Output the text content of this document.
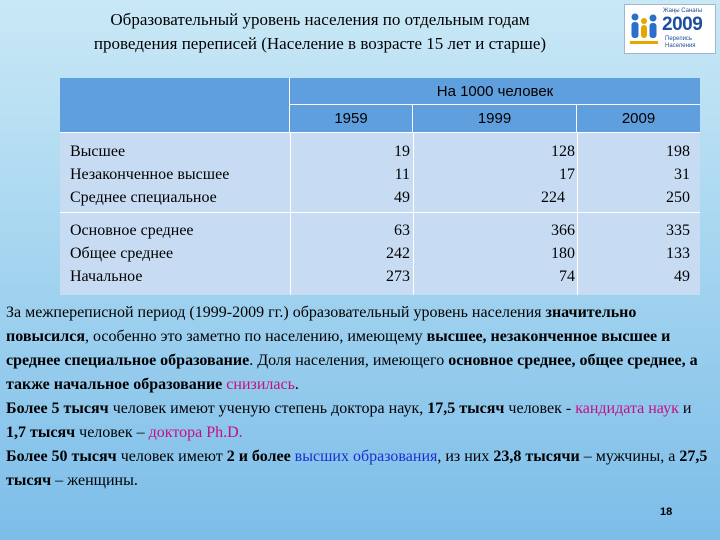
Образовательный уровень населения по отдельным годам
проведения переписей (Население в возрасте 15 лет и старше)
Жаңы Санағы
2009
Перепись
Населения
На 1000 человек
1959	1999	2009
Высшее
Незаконченное высшее
Среднее специальное
Основное среднее
Общее среднее
Начальное
19
11
49
63
242
273
128
17
224
366
180
74
198
31
250
335
133
49
За межпереписной период (1999-2009 гг.) образовательный уровень населения значительно повысился, особенно это заметно по населению, имеющему высшее, незаконченное высшее и среднее специальное образование. Доля населения, имеющего основное среднее, общее среднее, а также начальное образование снизилась.
Более 5 тысяч человек имеют ученую степень доктора наук, 17,5 тысяч человек - кандидата наук и 1,7 тысяч человек – доктора Ph.D.
Более 50 тысяч человек имеют 2 и более высших образования, из них 23,8 тысячи – мужчины, а 27,5 тысяч – женщины.
18
